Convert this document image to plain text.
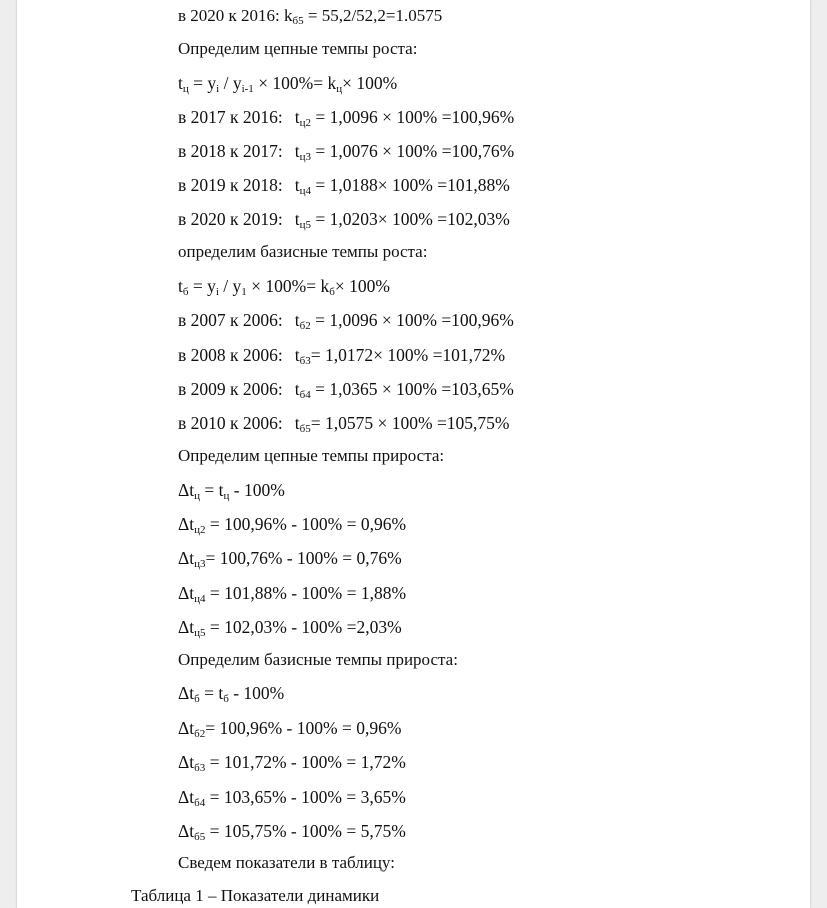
в 2020 к 2016: $k_{б5} = 55,2/52,2=1.0575$
Определим цепные темпы роста:
$t_ц = y_i / y_{i-1} \times 100\%= k_ц\times 100\%$
в 2017 к 2016: $t_{ц2} = 1,0096 \times 100\% =100,96\%$
в 2018 к 2017: $t_{ц3} = 1,0076 \times 100\% =100,76\%$
в 2019 к 2018: $t_{ц4} = 1,0188\times 100\% =101,88\%$
в 2020 к 2019: $t_{ц5} = 1,0203\times 100\% =102,03\%$
определим базисные темпы роста:
$t_б = y_i / y_1 \times 100\%= k_б\times 100\%$
в 2007 к 2006: $t_{б2} = 1,0096 \times 100\% =100,96\%$
в 2008 к 2006: $t_{б3}= 1,0172\times 100\% =101,72\%$
в 2009 к 2006: $t_{б4} = 1,0365 \times 100\% =103,65\%$
в 2010 к 2006: $t_{б5}= 1,0575 \times 100\% =105,75\%$
Определим цепные темпы прироста:
$\Delta t_ц = t_ц - 100\%$
$\Delta t_{ц2} = 100,96\% - 100\% = 0,96\%$
$\Delta t_{ц3}= 100,76\% - 100\% = 0,76\%$
$\Delta t_{ц4} = 101,88\% - 100\% = 1,88\%$
$\Delta t_{ц5} = 102,03\% - 100\% =2,03\%$
Определим базисные темпы прироста:
$\Delta t_б = t_б - 100\%$
$\Delta t_{б2}= 100,96\% - 100\% = 0,96\%$
$\Delta t_{б3} = 101,72\% - 100\% = 1,72\%$
$\Delta t_{б4} = 103,65\% - 100\% = 3,65\%$
$\Delta t_{б5} = 105,75\% - 100\% = 5,75\%$
Сведем показатели в таблицу:
Таблица 1 – Показатели динамики
